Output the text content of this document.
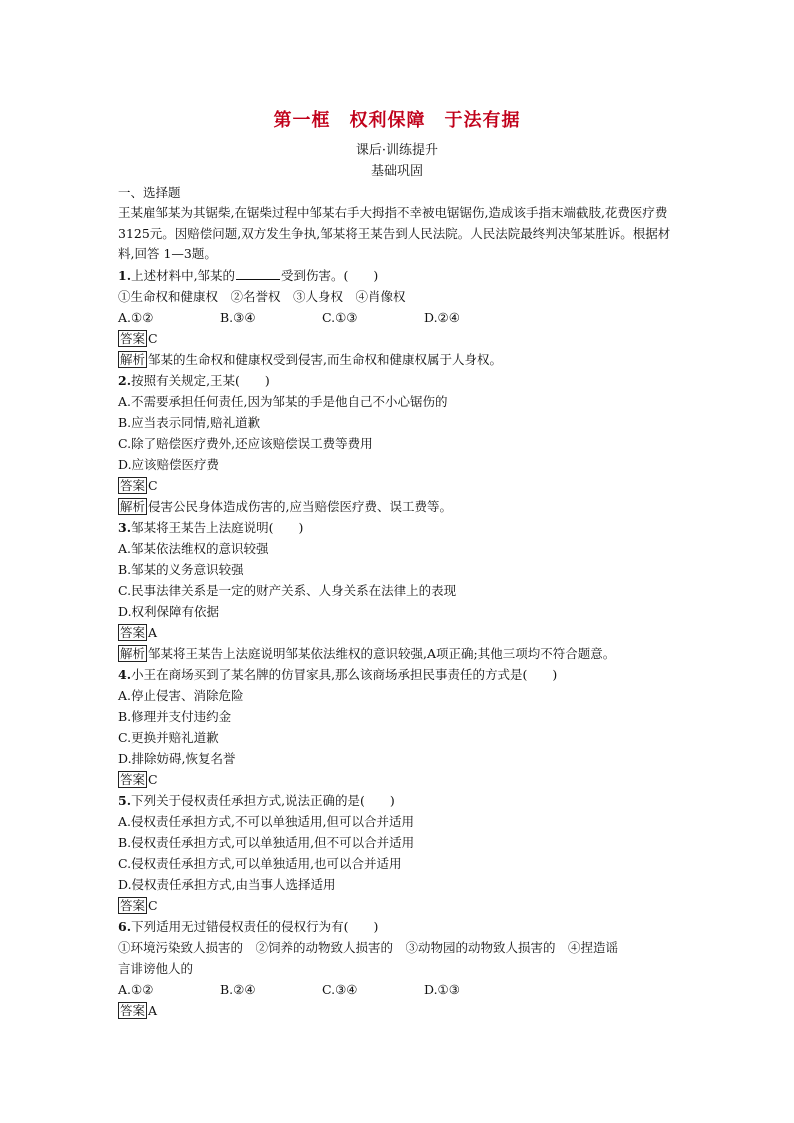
第一框　权利保障　于法有据
课后·训练提升
基础巩固
一、选择题
王某雇邹某为其锯柴,在锯柴过程中邹某右手大拇指不幸被电锯锯伤,造成该手指末端截肢,花费医疗费 3125元。因赔偿问题,双方发生争执,邹某将王某告到人民法院。人民法院最终判决邹某胜诉。根据材料,回答 1—3题。
1.上述材料中,邹某的	受到伤害。(　　)
①生命权和健康权　②名誉权　③人身权　④肖像权
A.①②	B.③④	C.①③	D.②④
答案 C
解析 邹某的生命权和健康权受到侵害,而生命权和健康权属于人身权。
2.按照有关规定,王某(　　)
A.不需要承担任何责任,因为邹某的手是他自己不小心锯伤的
B.应当表示同情,赔礼道歉
C.除了赔偿医疗费外,还应该赔偿误工费等费用
D.应该赔偿医疗费
答案 C
解析 侵害公民身体造成伤害的,应当赔偿医疗费、误工费等。
3.邹某将王某告上法庭说明(　　)
A.邹某依法维权的意识较强
B.邹某的义务意识较强
C.民事法律关系是一定的财产关系、人身关系在法律上的表现
D.权利保障有依据
答案 A
解析 邹某将王某告上法庭说明邹某依法维权的意识较强,A项正确;其他三项均不符合题意。
4.小王在商场买到了某名牌的仿冒家具,那么该商场承担民事责任的方式是(　　)
A.停止侵害、消除危险
B.修理并支付违约金
C.更换并赔礼道歉
D.排除妨碍,恢复名誉
答案 C
5.下列关于侵权责任承担方式,说法正确的是(　　)
A.侵权责任承担方式,不可以单独适用,但可以合并适用
B.侵权责任承担方式,可以单独适用,但不可以合并适用
C.侵权责任承担方式,可以单独适用,也可以合并适用
D.侵权责任承担方式,由当事人选择适用
答案 C
6.下列适用无过错侵权责任的侵权行为有(　　)
①环境污染致人损害的　②饲养的动物致人损害的　③动物园的动物致人损害的　④捏造谣
言诽谤他人的
A.①②	B.②④	C.③④	D.①③
答案 A
